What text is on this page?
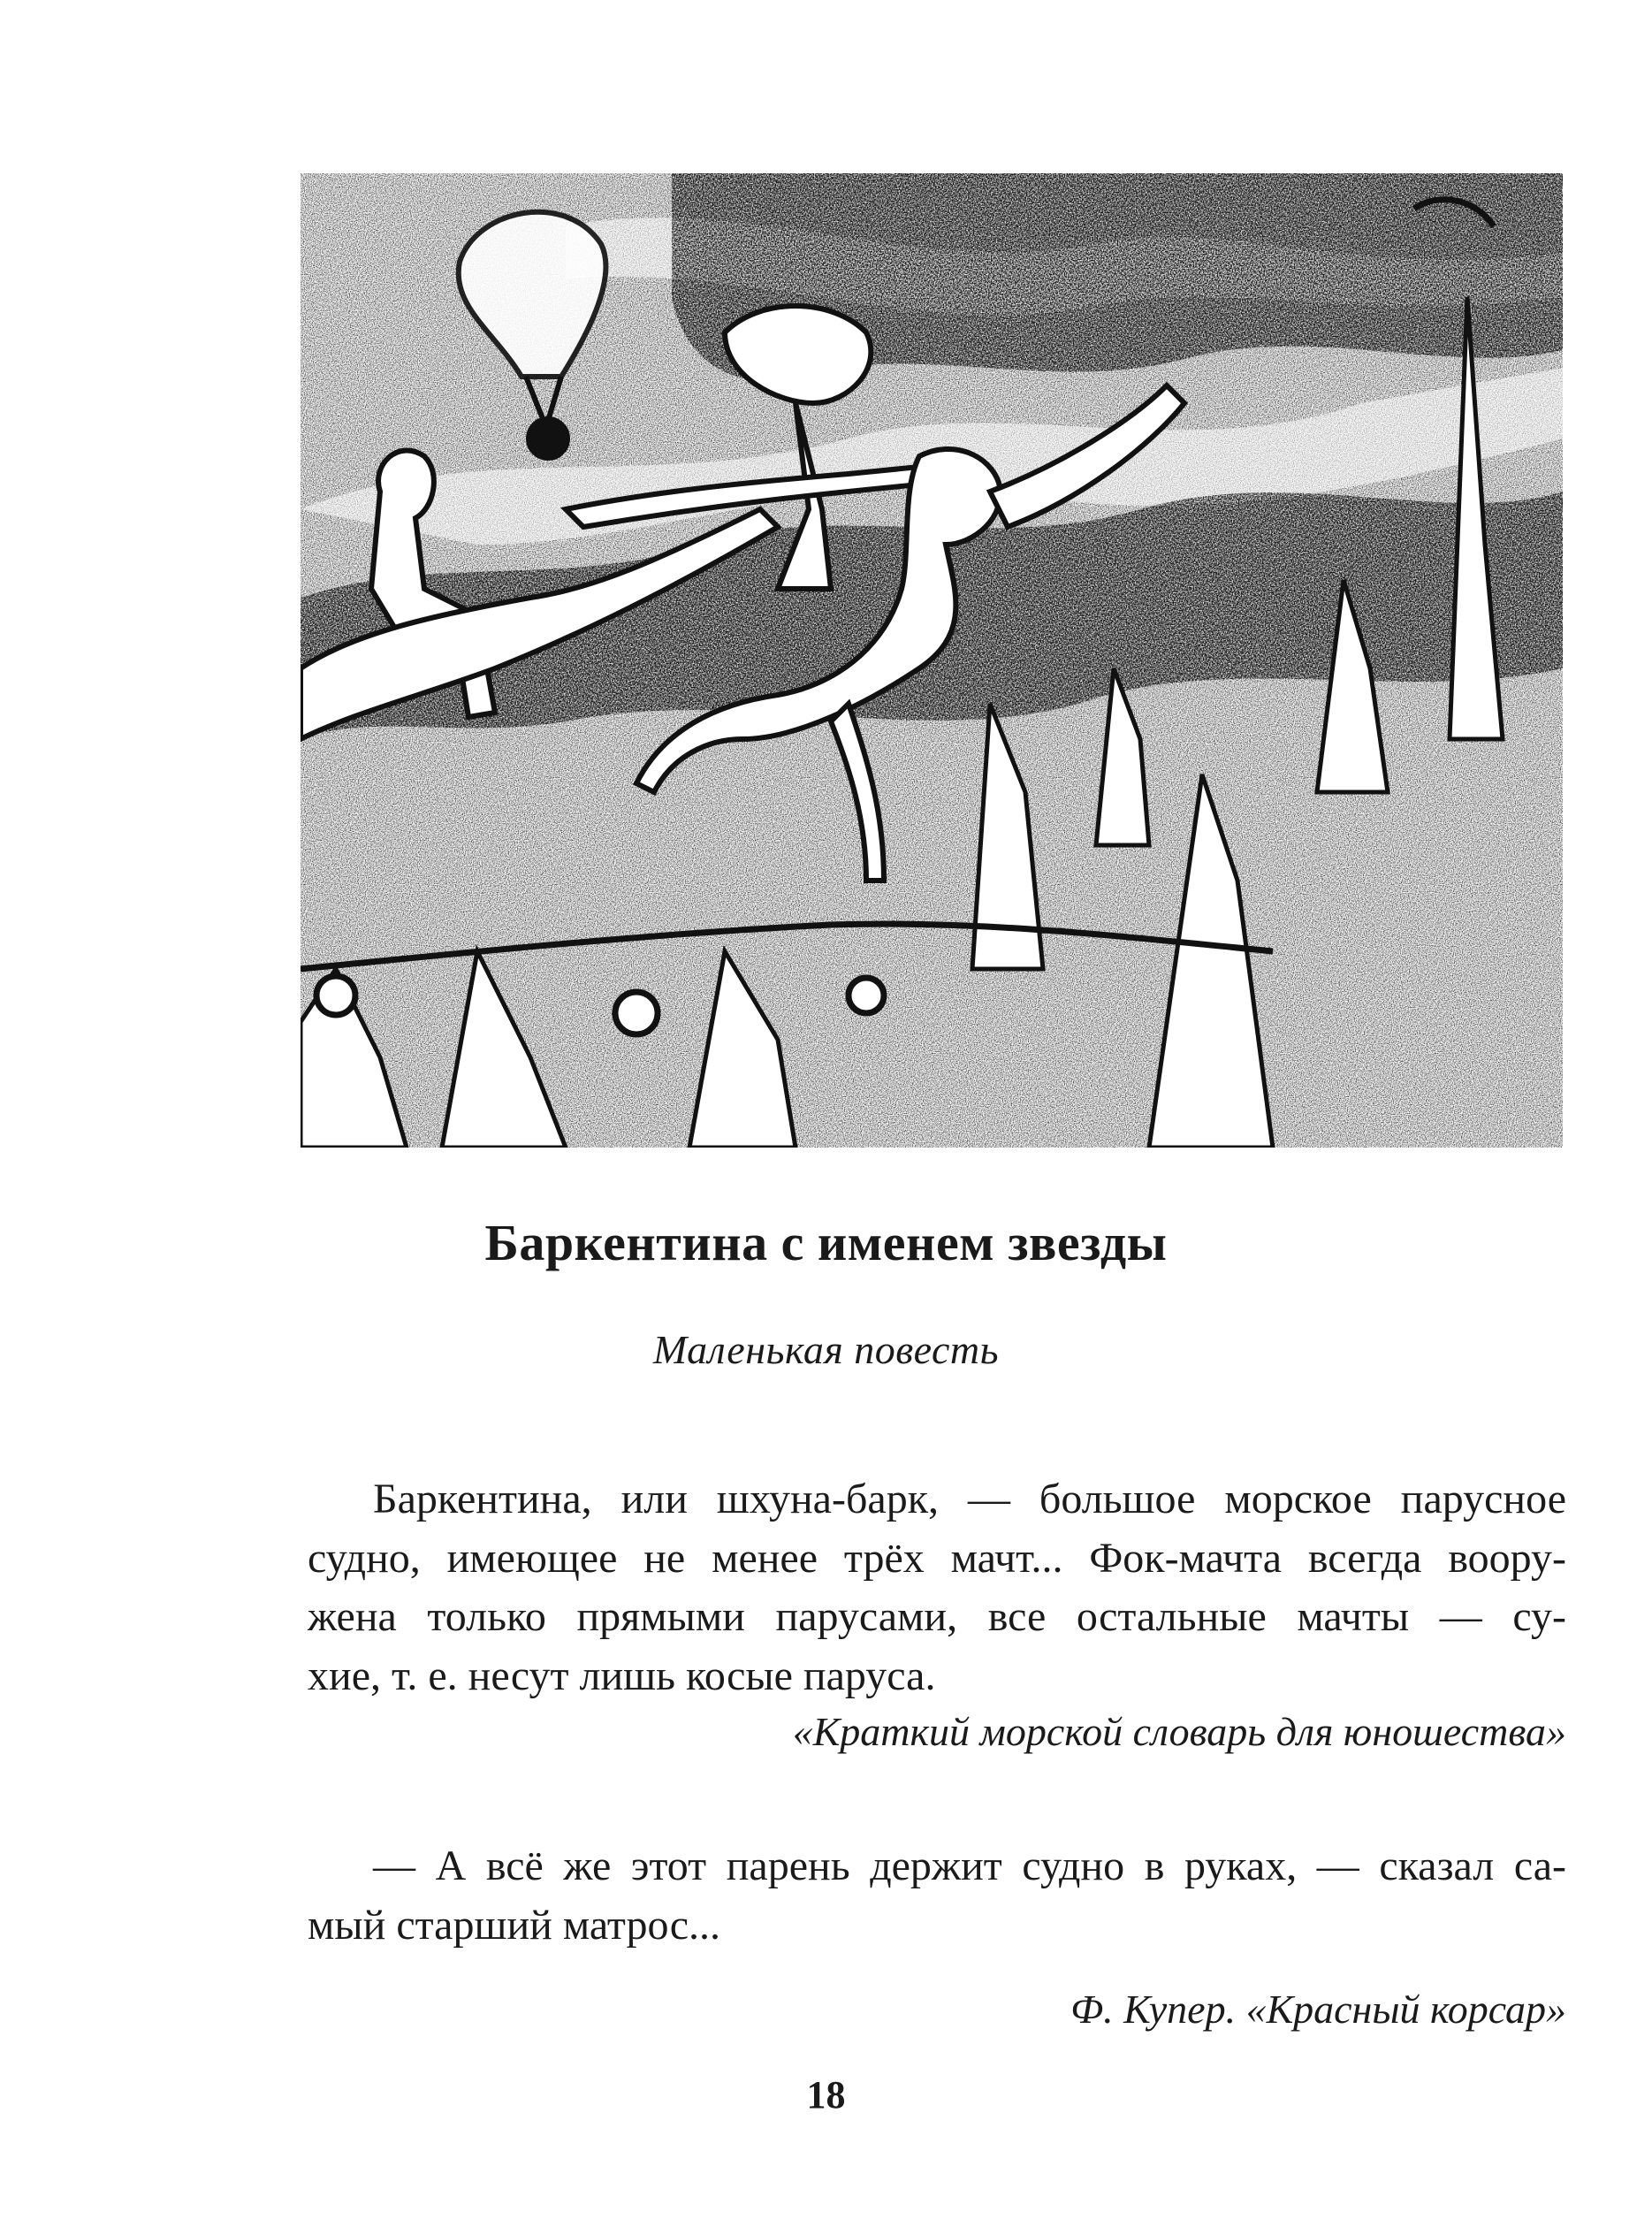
Баркентина с именем звезды
Маленькая повесть

Баркентина, или шхуна-барк, — большое морское парусное
судно, имеющее не менее трёх мачт... Фок-мачта всегда воору-
жена только прямыми парусами, все остальные мачты — су-
хие, т. е. несут лишь косые паруса.

«Краткий морской словарь для юношества»

— А всё же этот парень держит судно в руках, — сказал са-
мый старший матрос...

Ф. Купер. «Красный корсар»
18
